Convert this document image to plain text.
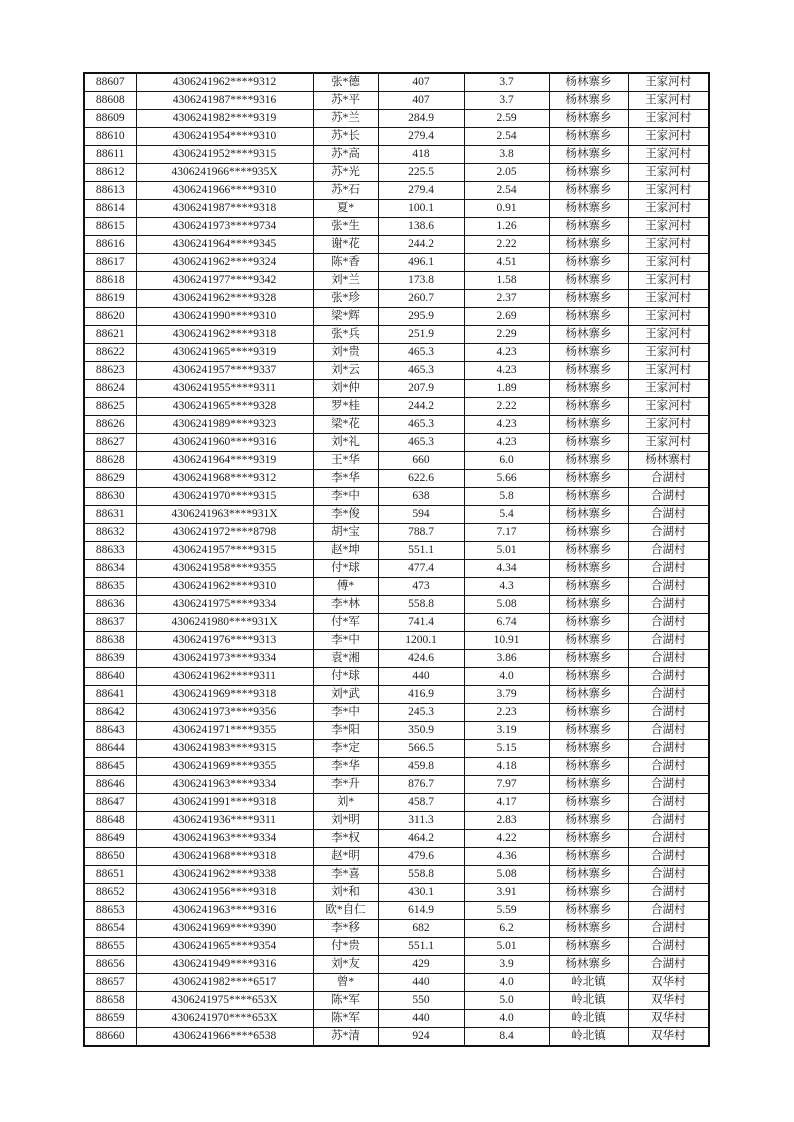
88607	4306241962****9312	张*德	407	3.7	杨林寨乡	王家河村
88608	4306241987****9316	苏*平	407	3.7	杨林寨乡	王家河村
88609	4306241982****9319	苏*兰	284.9	2.59	杨林寨乡	王家河村
88610	4306241954****9310	苏*长	279.4	2.54	杨林寨乡	王家河村
88611	4306241952****9315	苏*高	418	3.8	杨林寨乡	王家河村
88612	4306241966****935X	苏*光	225.5	2.05	杨林寨乡	王家河村
88613	4306241966****9310	苏*石	279.4	2.54	杨林寨乡	王家河村
88614	4306241987****9318	夏*	100.1	0.91	杨林寨乡	王家河村
88615	4306241973****9734	张*生	138.6	1.26	杨林寨乡	王家河村
88616	4306241964****9345	谢*花	244.2	2.22	杨林寨乡	王家河村
88617	4306241962****9324	陈*香	496.1	4.51	杨林寨乡	王家河村
88618	4306241977****9342	刘*兰	173.8	1.58	杨林寨乡	王家河村
88619	4306241962****9328	张*珍	260.7	2.37	杨林寨乡	王家河村
88620	4306241990****9310	梁*辉	295.9	2.69	杨林寨乡	王家河村
88621	4306241962****9318	张*兵	251.9	2.29	杨林寨乡	王家河村
88622	4306241965****9319	刘*贵	465.3	4.23	杨林寨乡	王家河村
88623	4306241957****9337	刘*云	465.3	4.23	杨林寨乡	王家河村
88624	4306241955****9311	刘*仲	207.9	1.89	杨林寨乡	王家河村
88625	4306241965****9328	罗*桂	244.2	2.22	杨林寨乡	王家河村
88626	4306241989****9323	梁*花	465.3	4.23	杨林寨乡	王家河村
88627	4306241960****9316	刘*礼	465.3	4.23	杨林寨乡	王家河村
88628	4306241964****9319	王*华	660	6.0	杨林寨乡	杨林寨村
88629	4306241968****9312	李*华	622.6	5.66	杨林寨乡	合湖村
88630	4306241970****9315	李*中	638	5.8	杨林寨乡	合湖村
88631	4306241963****931X	李*俊	594	5.4	杨林寨乡	合湖村
88632	4306241972****8798	胡*宝	788.7	7.17	杨林寨乡	合湖村
88633	4306241957****9315	赵*坤	551.1	5.01	杨林寨乡	合湖村
88634	4306241958****9355	付*球	477.4	4.34	杨林寨乡	合湖村
88635	4306241962****9310	傅*	473	4.3	杨林寨乡	合湖村
88636	4306241975****9334	李*林	558.8	5.08	杨林寨乡	合湖村
88637	4306241980****931X	付*军	741.4	6.74	杨林寨乡	合湖村
88638	4306241976****9313	李*中	1200.1	10.91	杨林寨乡	合湖村
88639	4306241973****9334	袁*湘	424.6	3.86	杨林寨乡	合湖村
88640	4306241962****9311	付*球	440	4.0	杨林寨乡	合湖村
88641	4306241969****9318	刘*武	416.9	3.79	杨林寨乡	合湖村
88642	4306241973****9356	李*中	245.3	2.23	杨林寨乡	合湖村
88643	4306241971****9355	李*阳	350.9	3.19	杨林寨乡	合湖村
88644	4306241983****9315	李*定	566.5	5.15	杨林寨乡	合湖村
88645	4306241969****9355	李*华	459.8	4.18	杨林寨乡	合湖村
88646	4306241963****9334	李*升	876.7	7.97	杨林寨乡	合湖村
88647	4306241991****9318	刘*	458.7	4.17	杨林寨乡	合湖村
88648	4306241936****9311	刘*明	311.3	2.83	杨林寨乡	合湖村
88649	4306241963****9334	李*权	464.2	4.22	杨林寨乡	合湖村
88650	4306241968****9318	赵*明	479.6	4.36	杨林寨乡	合湖村
88651	4306241962****9338	李*喜	558.8	5.08	杨林寨乡	合湖村
88652	4306241956****9318	刘*和	430.1	3.91	杨林寨乡	合湖村
88653	4306241963****9316	欧*自仁	614.9	5.59	杨林寨乡	合湖村
88654	4306241969****9390	李*移	682	6.2	杨林寨乡	合湖村
88655	4306241965****9354	付*贵	551.1	5.01	杨林寨乡	合湖村
88656	4306241949****9316	刘*友	429	3.9	杨林寨乡	合湖村
88657	4306241982****6517	曾*	440	4.0	岭北镇	双华村
88658	4306241975****653X	陈*军	550	5.0	岭北镇	双华村
88659	4306241970****653X	陈*军	440	4.0	岭北镇	双华村
88660	4306241966****6538	苏*清	924	8.4	岭北镇	双华村
